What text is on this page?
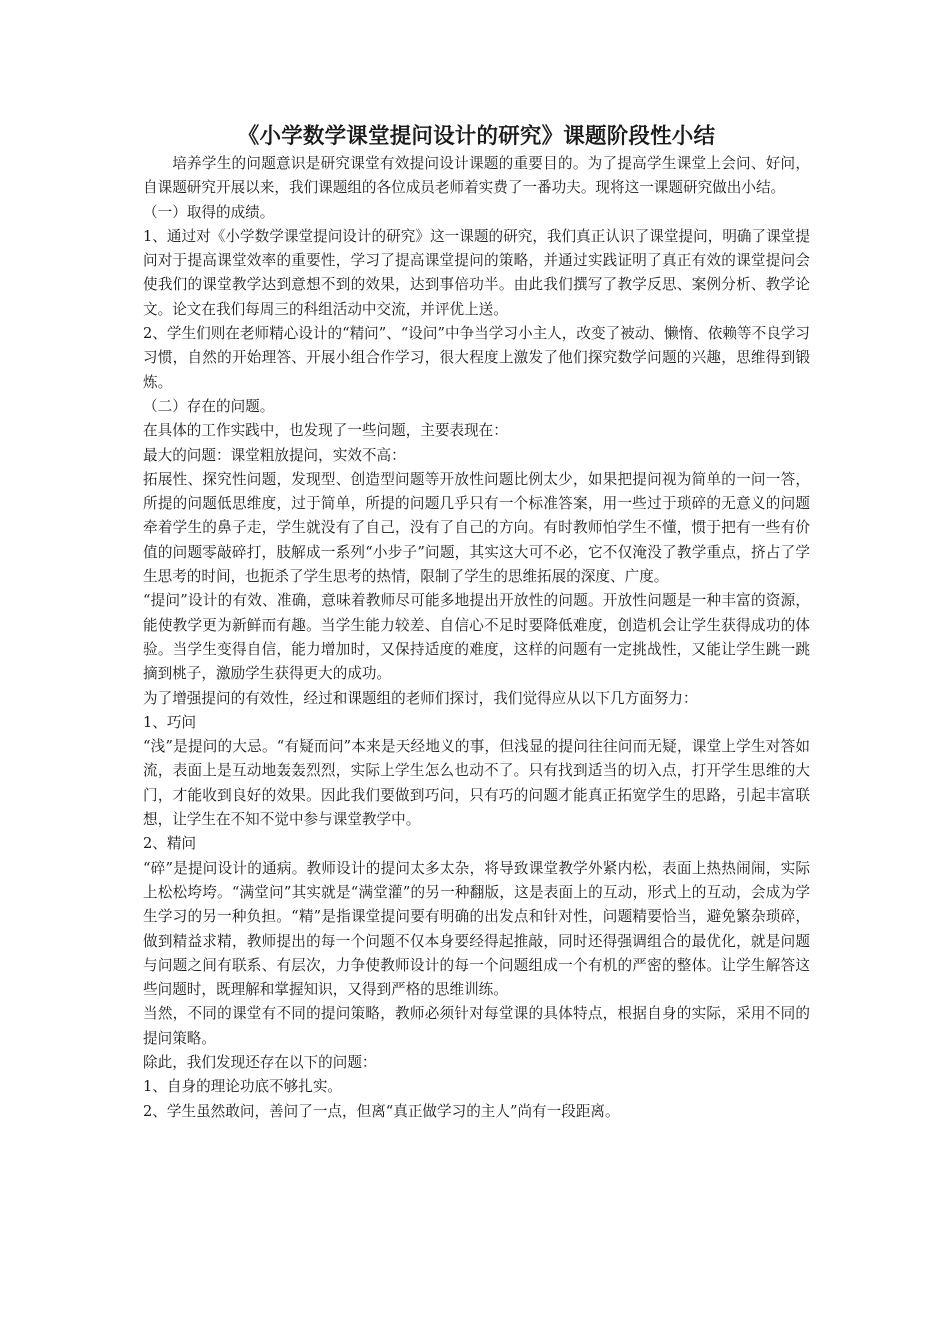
《小学数学课堂提问设计的研究》课题阶段性小结

培养学生的问题意识是研究课堂有效提问设计课题的重要目的。为了提高学生课堂上会问、好问，自课题研究开展以来，我们课题组的各位成员老师着实费了一番功夫。现将这一课题研究做出小结。

（一）取得的成绩。

1、通过对《小学数学课堂提问设计的研究》这一课题的研究，我们真正认识了课堂提问，明确了课堂提问对于提高课堂效率的重要性，学习了提高课堂提问的策略，并通过实践证明了真正有效的课堂提问会使我们的课堂教学达到意想不到的效果，达到事倍功半。由此我们撰写了教学反思、案例分析、教学论文。论文在我们每周三的科组活动中交流，并评优上送。

2、学生们则在老师精心设计的“精问”、“设问”中争当学习小主人，改变了被动、懒惰、依赖等不良学习习惯，自然的开始理答、开展小组合作学习，很大程度上激发了他们探究数学问题的兴趣，思维得到锻炼。

（二）存在的问题。

在具体的工作实践中，也发现了一些问题，主要表现在：

最大的问题：课堂粗放提问，实效不高：

拓展性、探究性问题，发现型、创造型问题等开放性问题比例太少，如果把提问视为简单的一问一答，所提的问题低思维度，过于简单，所提的问题几乎只有一个标准答案，用一些过于琐碎的无意义的问题牵着学生的鼻子走，学生就没有了自己，没有了自己的方向。有时教师怕学生不懂，惯于把有一些有价值的问题零敲碎打，肢解成一系列“小步子”问题，其实这大可不必，它不仅淹没了教学重点，挤占了学生思考的时间，也扼杀了学生思考的热情，限制了学生的思维拓展的深度、广度。

“提问”设计的有效、准确，意味着教师尽可能多地提出开放性的问题。开放性问题是一种丰富的资源，能使教学更为新鲜而有趣。当学生能力较差、自信心不足时要降低难度，创造机会让学生获得成功的体验。当学生变得自信，能力增加时，又保持适度的难度，这样的问题有一定挑战性，又能让学生跳一跳摘到桃子，激励学生获得更大的成功。

为了增强提问的有效性，经过和课题组的老师们探讨，我们觉得应从以下几方面努力：

1、巧问

“浅”是提问的大忌。“有疑而问”本来是天经地义的事，但浅显的提问往往问而无疑，课堂上学生对答如流，表面上是互动地轰轰烈烈，实际上学生怎么也动不了。只有找到适当的切入点，打开学生思维的大门，才能收到良好的效果。因此我们要做到巧问，只有巧的问题才能真正拓宽学生的思路，引起丰富联想，让学生在不知不觉中参与课堂教学中。

2、精问

“碎”是提问设计的通病。教师设计的提问太多太杂，将导致课堂教学外紧内松，表面上热热闹闹，实际上松松垮垮。“满堂问”其实就是“满堂灌”的另一种翻版，这是表面上的互动，形式上的互动，会成为学生学习的另一种负担。“精”是指课堂提问要有明确的出发点和针对性，问题精要恰当，避免繁杂琐碎，做到精益求精，教师提出的每一个问题不仅本身要经得起推敲，同时还得强调组合的最优化，就是问题与问题之间有联系、有层次，力争使教师设计的每一个问题组成一个有机的严密的整体。让学生解答这些问题时，既理解和掌握知识，又得到严格的思维训练。

当然，不同的课堂有不同的提问策略，教师必须针对每堂课的具体特点，根据自身的实际，采用不同的提问策略。

除此，我们发现还存在以下的问题：

1、自身的理论功底不够扎实。

2、学生虽然敢问，善问了一点，但离“真正做学习的主人”尚有一段距离。
